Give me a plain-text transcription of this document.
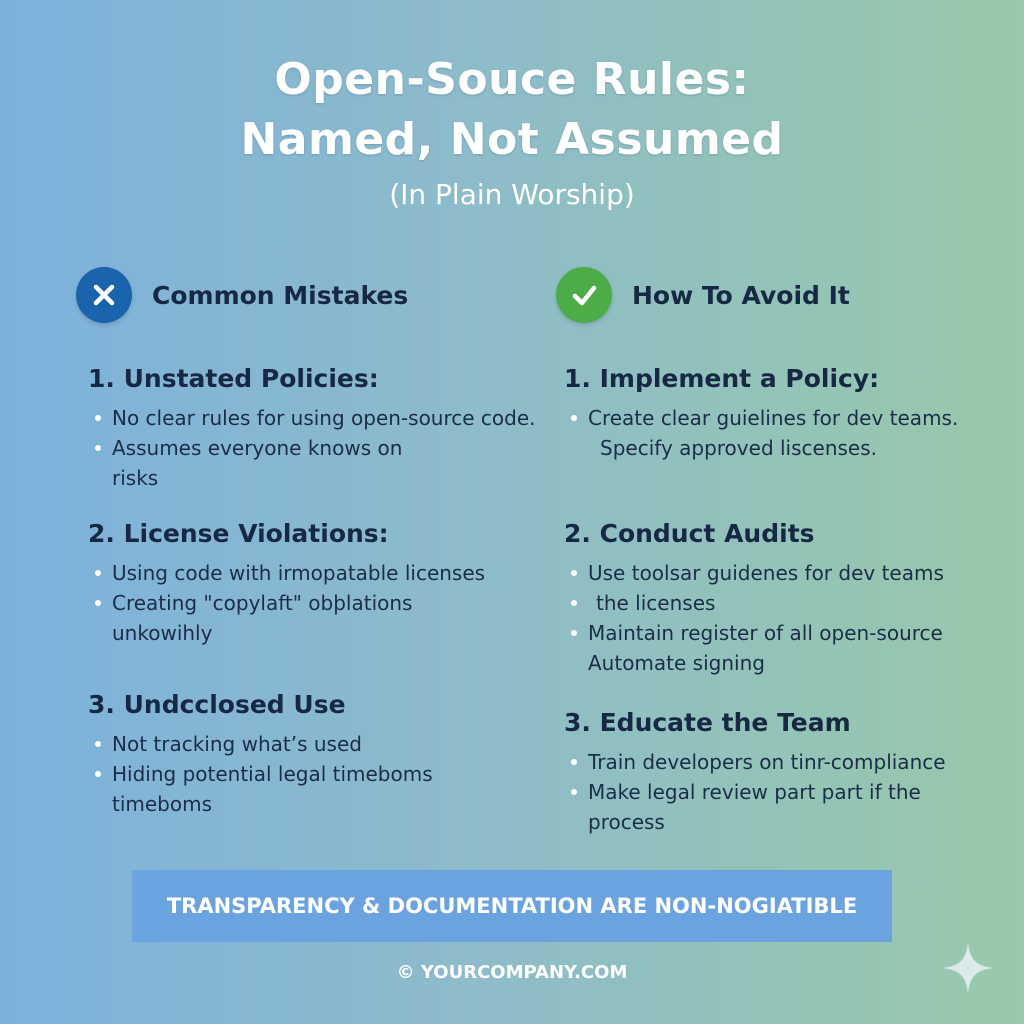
Open-Souce Rules:
Named, Not Assumed
(In Plain Worship)
Common Mistakes	How To Avoid It
1. Unstated Policies:
No clear rules for using open-source code.
Assumes everyone knows on
risks
2. License Violations:
Using code with irmopatable licenses
Creating "copylaft" obþlations
unkowihly
3. Undcclosed Use
Not tracking what’s used
Hiding potential legal timeboms
timeboms
1. Implement a Policy:
Create clear guielines for dev teams.
Specify approved liscenses.
2. Conduct Audits
Use toolsar guidenes for dev teams
the licenses
Maintain register of all open-source
Automate signing
3. Educate the Team
Train developers on tinr-compliance
Make legal review part part if the
process
TRANSPARENCY & DOCUMENTATION ARE NON-NOGIATIBLE
© YOURCOMPANY.COM
